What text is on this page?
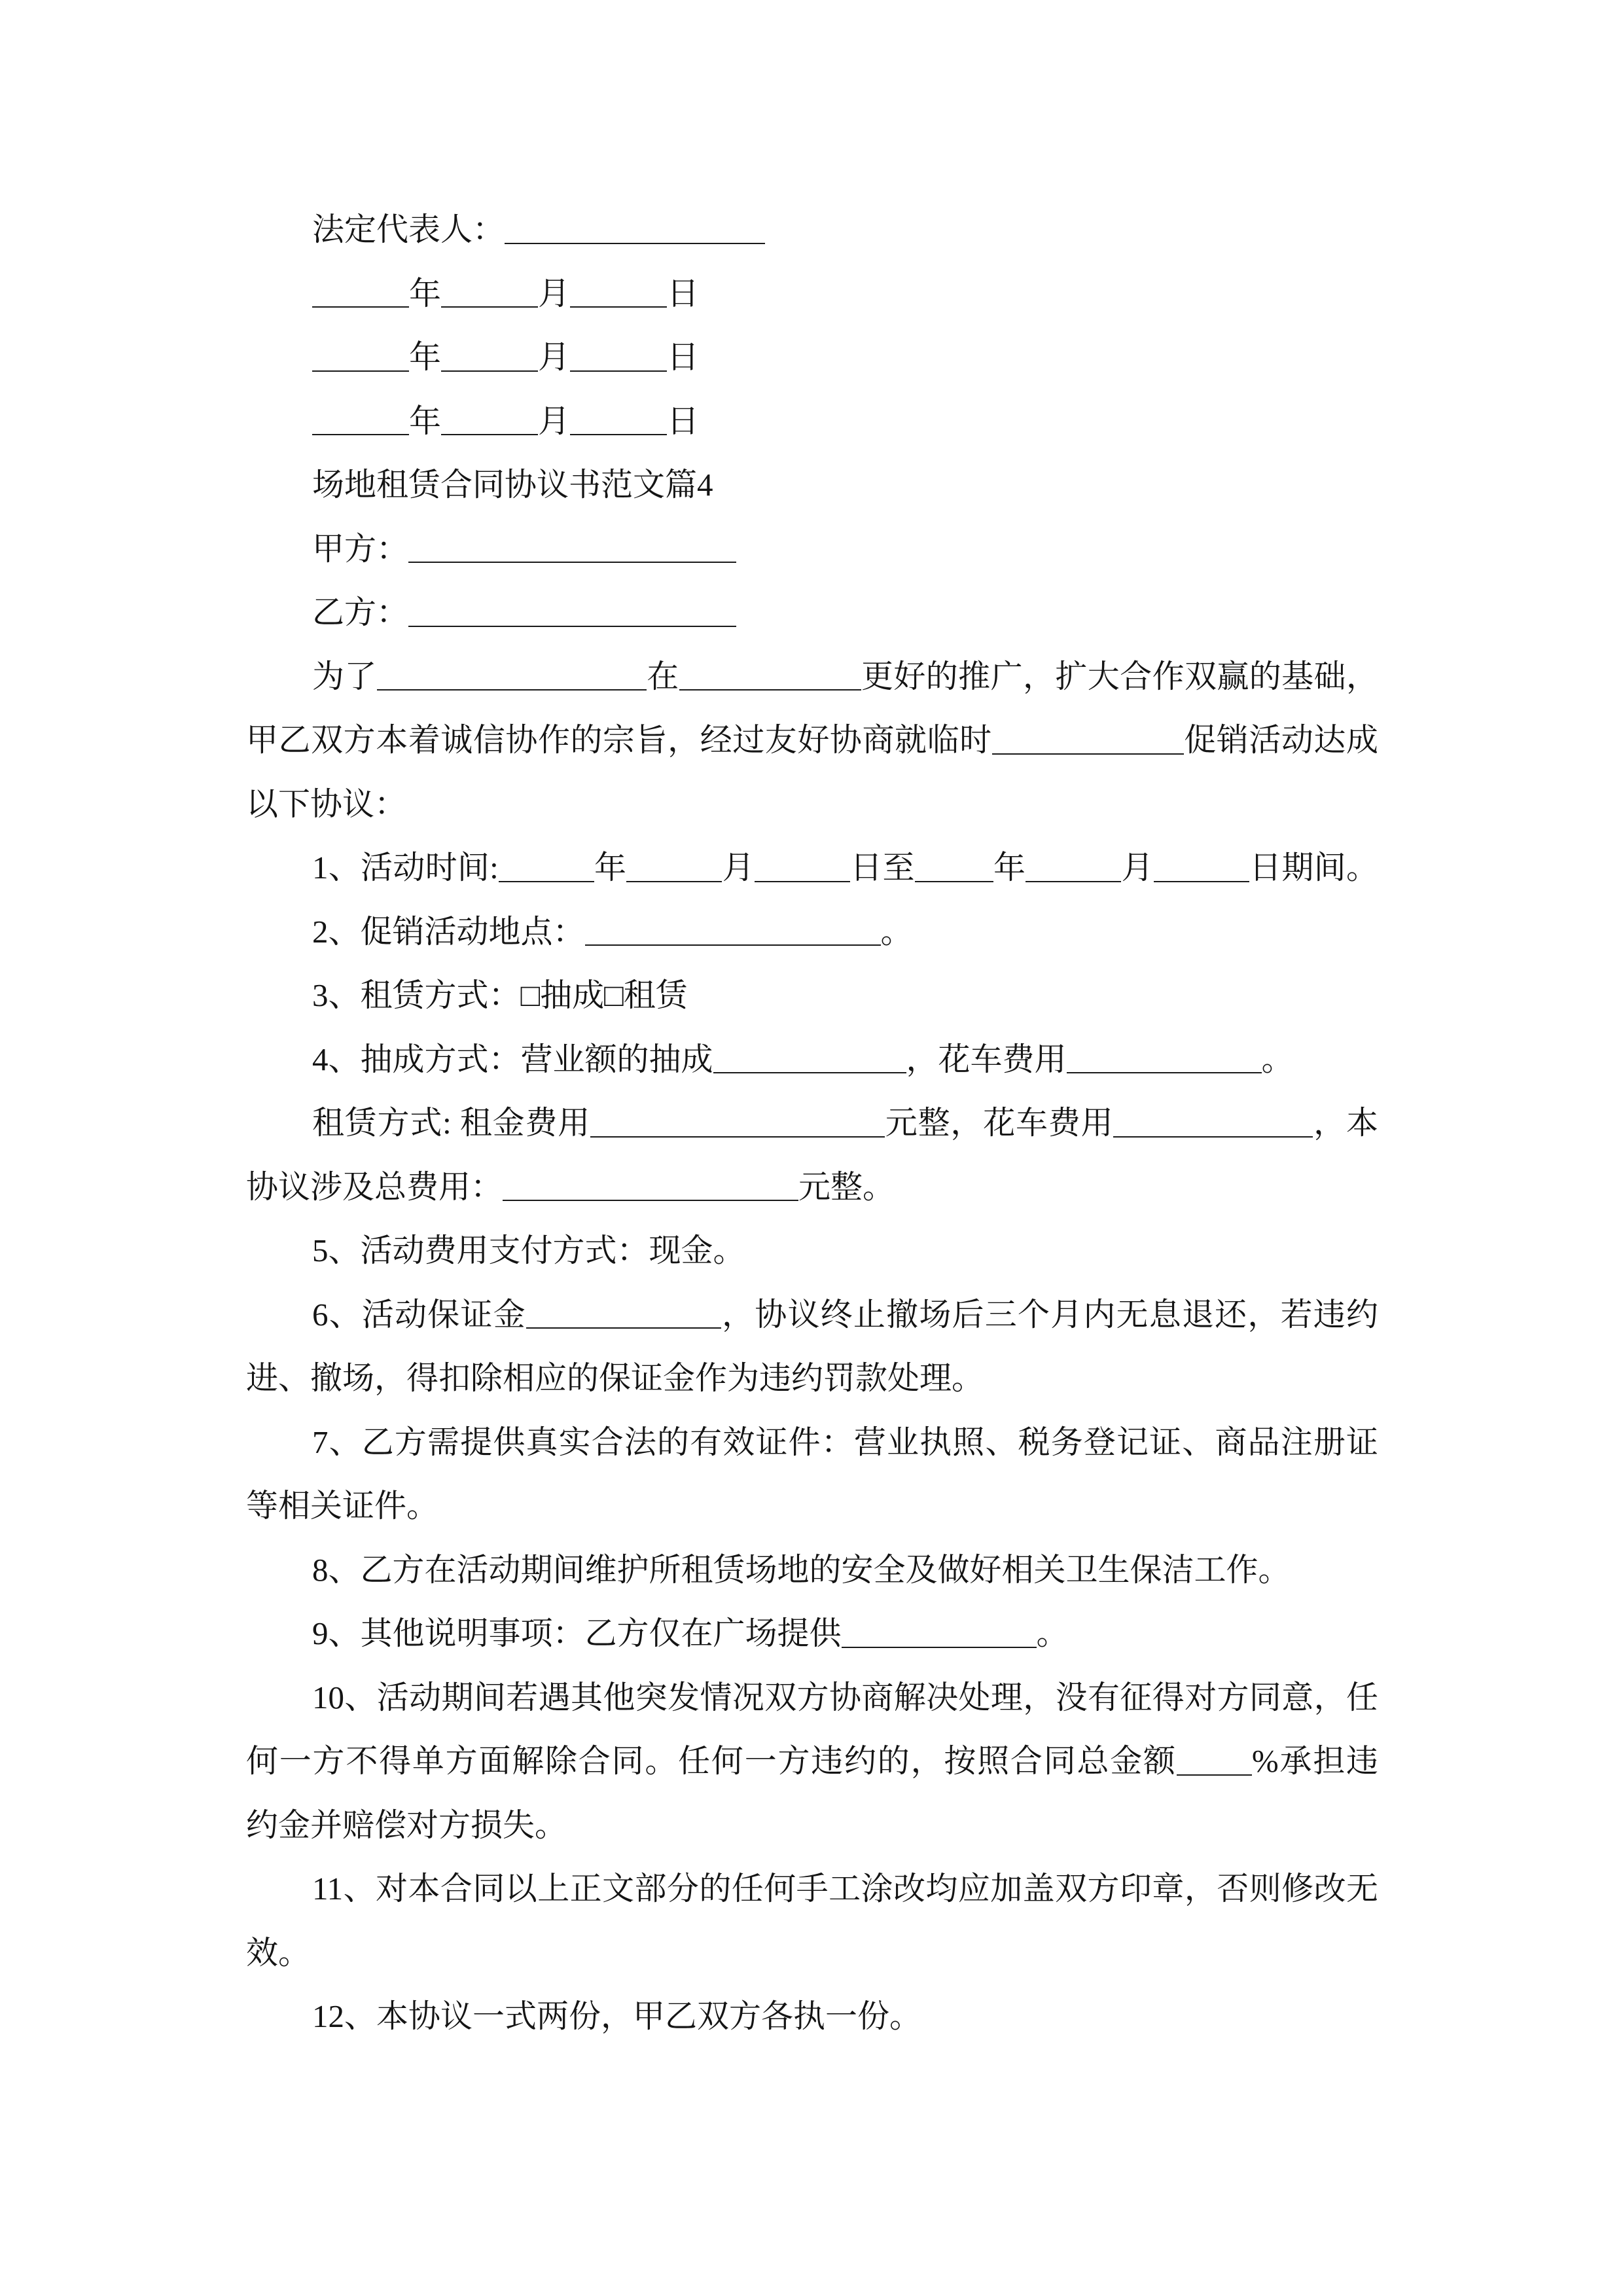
法定代表人：
年	月	日
年	月	日
年	月	日
场地租赁合同协议书范文篇4
甲方：
乙方：
为了	在	更好的推广，扩大合作双赢的基础，
甲乙双方本着诚信协作的宗旨，经过友好协商就临时	促销活动达成
以下协议：
1、活动时间:	年	月	日至 年	月	日期间。
2、促销活动地点：	。
3、租赁方式：□抽成□租赁
4、抽成方式：营业额的抽成	，花车费用	。
租赁方式: 租金费用	元整，花车费用	，本
协议涉及总费用：	元整。
5、活动费用支付方式：现金。
6、活动保证金	，协议终止撤场后三个月内无息退还，若违约
进、撤场，得扣除相应的保证金作为违约罚款处理。
7、乙方需提供真实合法的有效证件：营业执照、税务登记证、商品注册证
等相关证件。
8、乙方在活动期间维护所租赁场地的安全及做好相关卫生保洁工作。
9、其他说明事项：乙方仅在广场提供	。
10、活动期间若遇其他突发情况双方协商解决处理，没有征得对方同意，任
何一方不得单方面解除合同。任何一方违约的，按照合同总金额 %承担违
约金并赔偿对方损失。
11、对本合同以上正文部分的任何手工涂改均应加盖双方印章，否则修改无
效。
12、本协议一式两份，甲乙双方各执一份。
